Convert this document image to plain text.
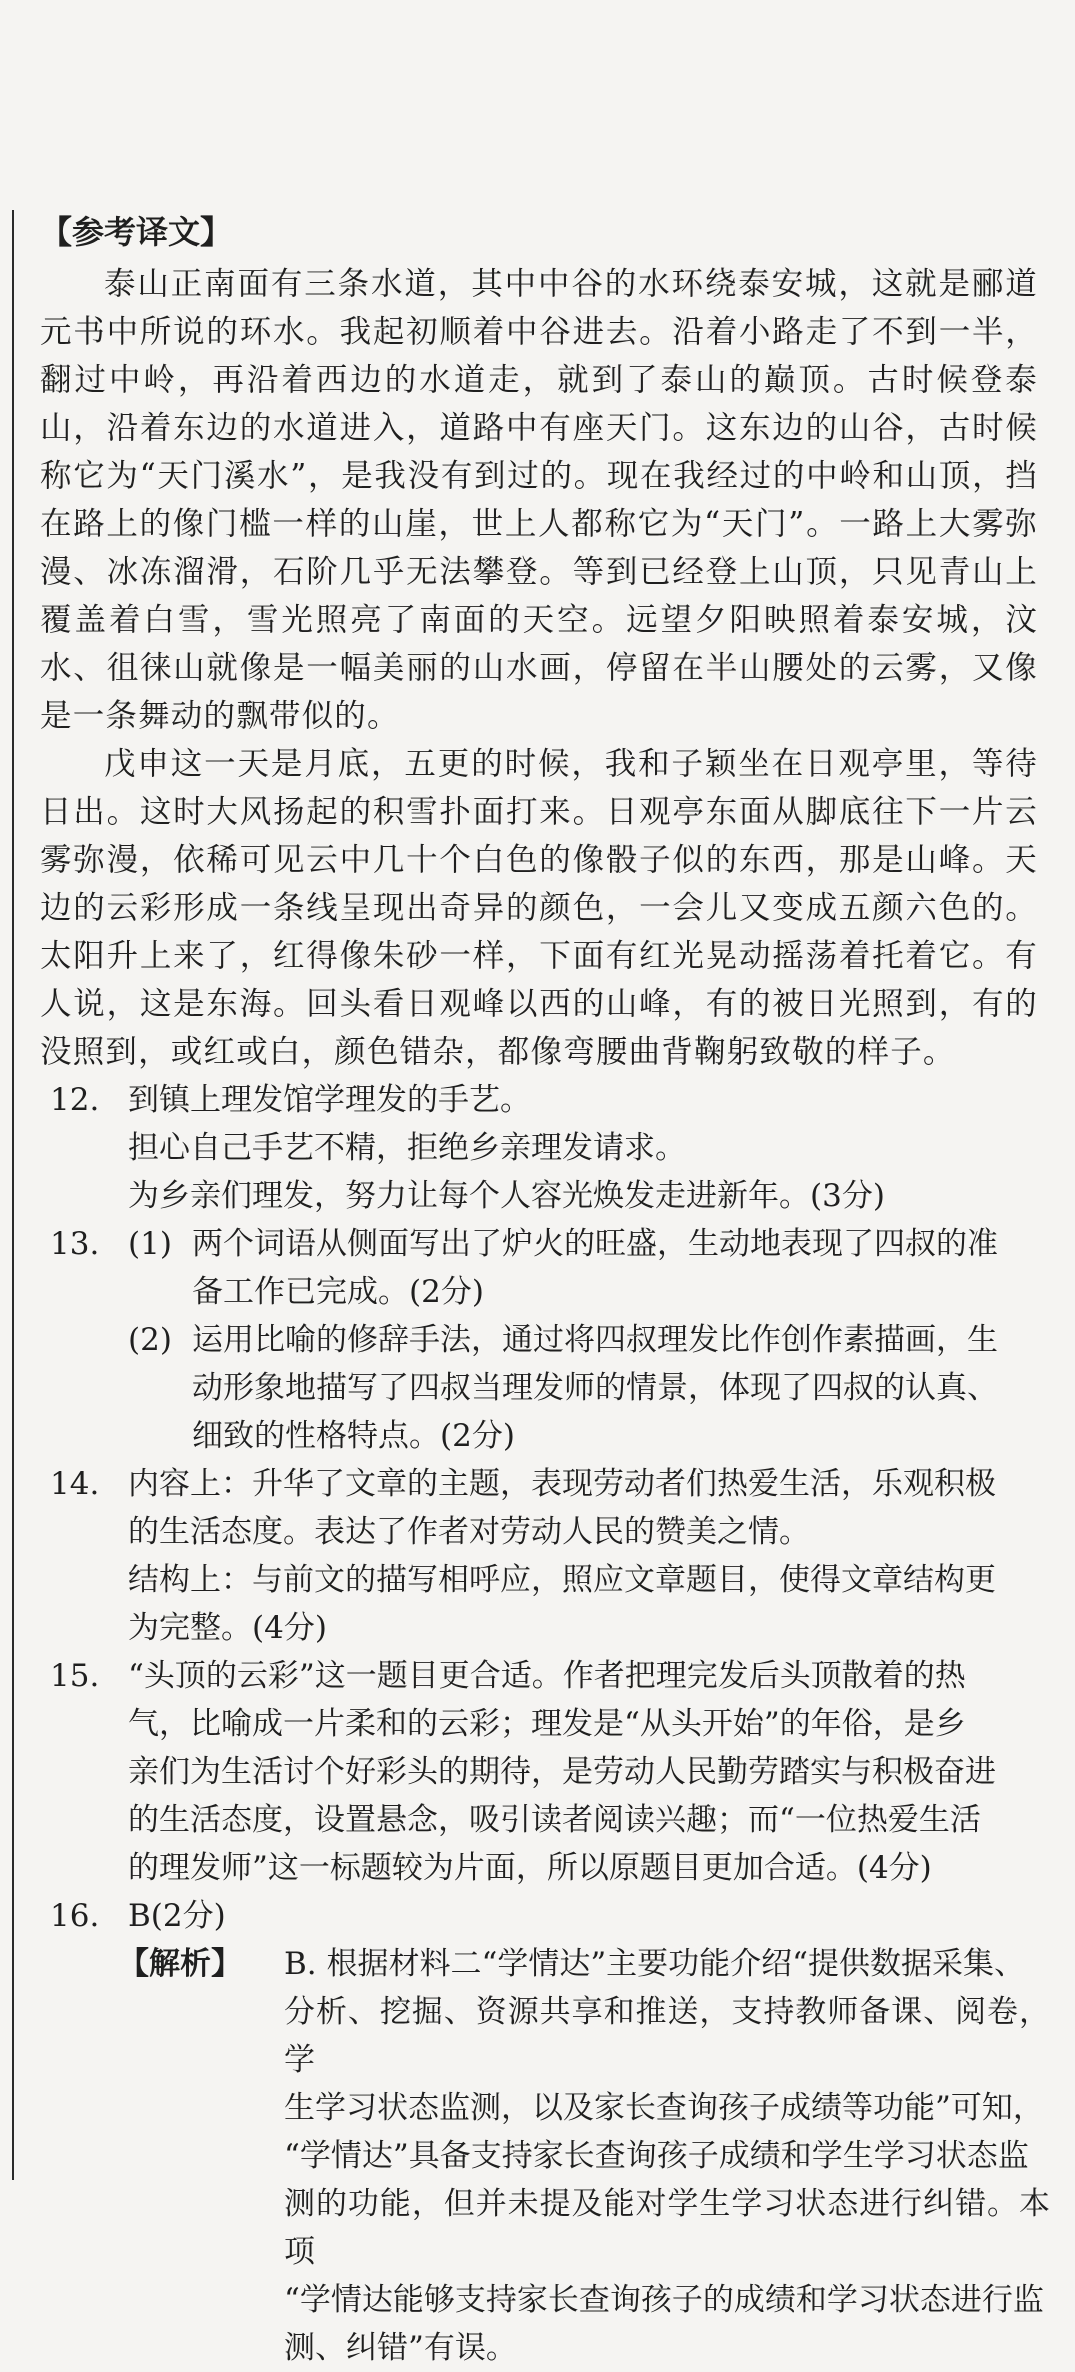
【参考译文】

泰山正南面有三条水道，其中中谷的水环绕泰安城，这就是郦道元书中所说的环水。我起初顺着中谷进去。沿着小路走了不到一半，翻过中岭，再沿着西边的水道走，就到了泰山的巅顶。古时候登泰山，沿着东边的水道进入，道路中有座天门。这东边的山谷，古时候称它为“天门溪水”，是我没有到过的。现在我经过的中岭和山顶，挡在路上的像门槛一样的山崖，世上人都称它为“天门”。一路上大雾弥漫、冰冻溜滑，石阶几乎无法攀登。等到已经登上山顶，只见青山上覆盖着白雪，雪光照亮了南面的天空。远望夕阳映照着泰安城，汶水、徂徕山就像是一幅美丽的山水画，停留在半山腰处的云雾，又像是一条舞动的飘带似的。

戊申这一天是月底，五更的时候，我和子颖坐在日观亭里，等待日出。这时大风扬起的积雪扑面打来。日观亭东面从脚底往下一片云雾弥漫，依稀可见云中几十个白色的像骰子似的东西，那是山峰。天边的云彩形成一条线呈现出奇异的颜色，一会儿又变成五颜六色的。太阳升上来了，红得像朱砂一样，下面有红光晃动摇荡着托着它。有人说，这是东海。回头看日观峰以西的山峰，有的被日光照到，有的没照到，或红或白，颜色错杂，都像弯腰曲背鞠躬致敬的样子。

12. 到镇上理发馆学理发的手艺。
担心自己手艺不精，拒绝乡亲理发请求。
为乡亲们理发，努力让每个人容光焕发走进新年。(3分)
13. (1) 两个词语从侧面写出了炉火的旺盛，生动地表现了四叔的准
备工作已完成。(2分)
(2) 运用比喻的修辞手法，通过将四叔理发比作创作素描画，生
动形象地描写了四叔当理发师的情景，体现了四叔的认真、
细致的性格特点。(2分)
14. 内容上：升华了文章的主题，表现劳动者们热爱生活，乐观积极
的生活态度。表达了作者对劳动人民的赞美之情。
结构上：与前文的描写相呼应，照应文章题目，使得文章结构更
为完整。(4分)
15. “头顶的云彩”这一题目更合适。作者把理完发后头顶散着的热
气，比喻成一片柔和的云彩；理发是“从头开始”的年俗，是乡
亲们为生活讨个好彩头的期待，是劳动人民勤劳踏实与积极奋进
的生活态度，设置悬念，吸引读者阅读兴趣；而“一位热爱生活
的理发师”这一标题较为片面，所以原题目更加合适。(4分)
16. B(2分)
【解析】 B. 根据材料二“学情达”主要功能介绍“提供数据采集、
分析、挖掘、资源共享和推送，支持教师备课、阅卷，学
生学习状态监测，以及家长查询孩子成绩等功能”可知，
“学情达”具备支持家长查询孩子成绩和学生学习状态监
测的功能，但并未提及能对学生学习状态进行纠错。本项
“学情达能够支持家长查询孩子的成绩和学习状态进行监
测、纠错”有误。
